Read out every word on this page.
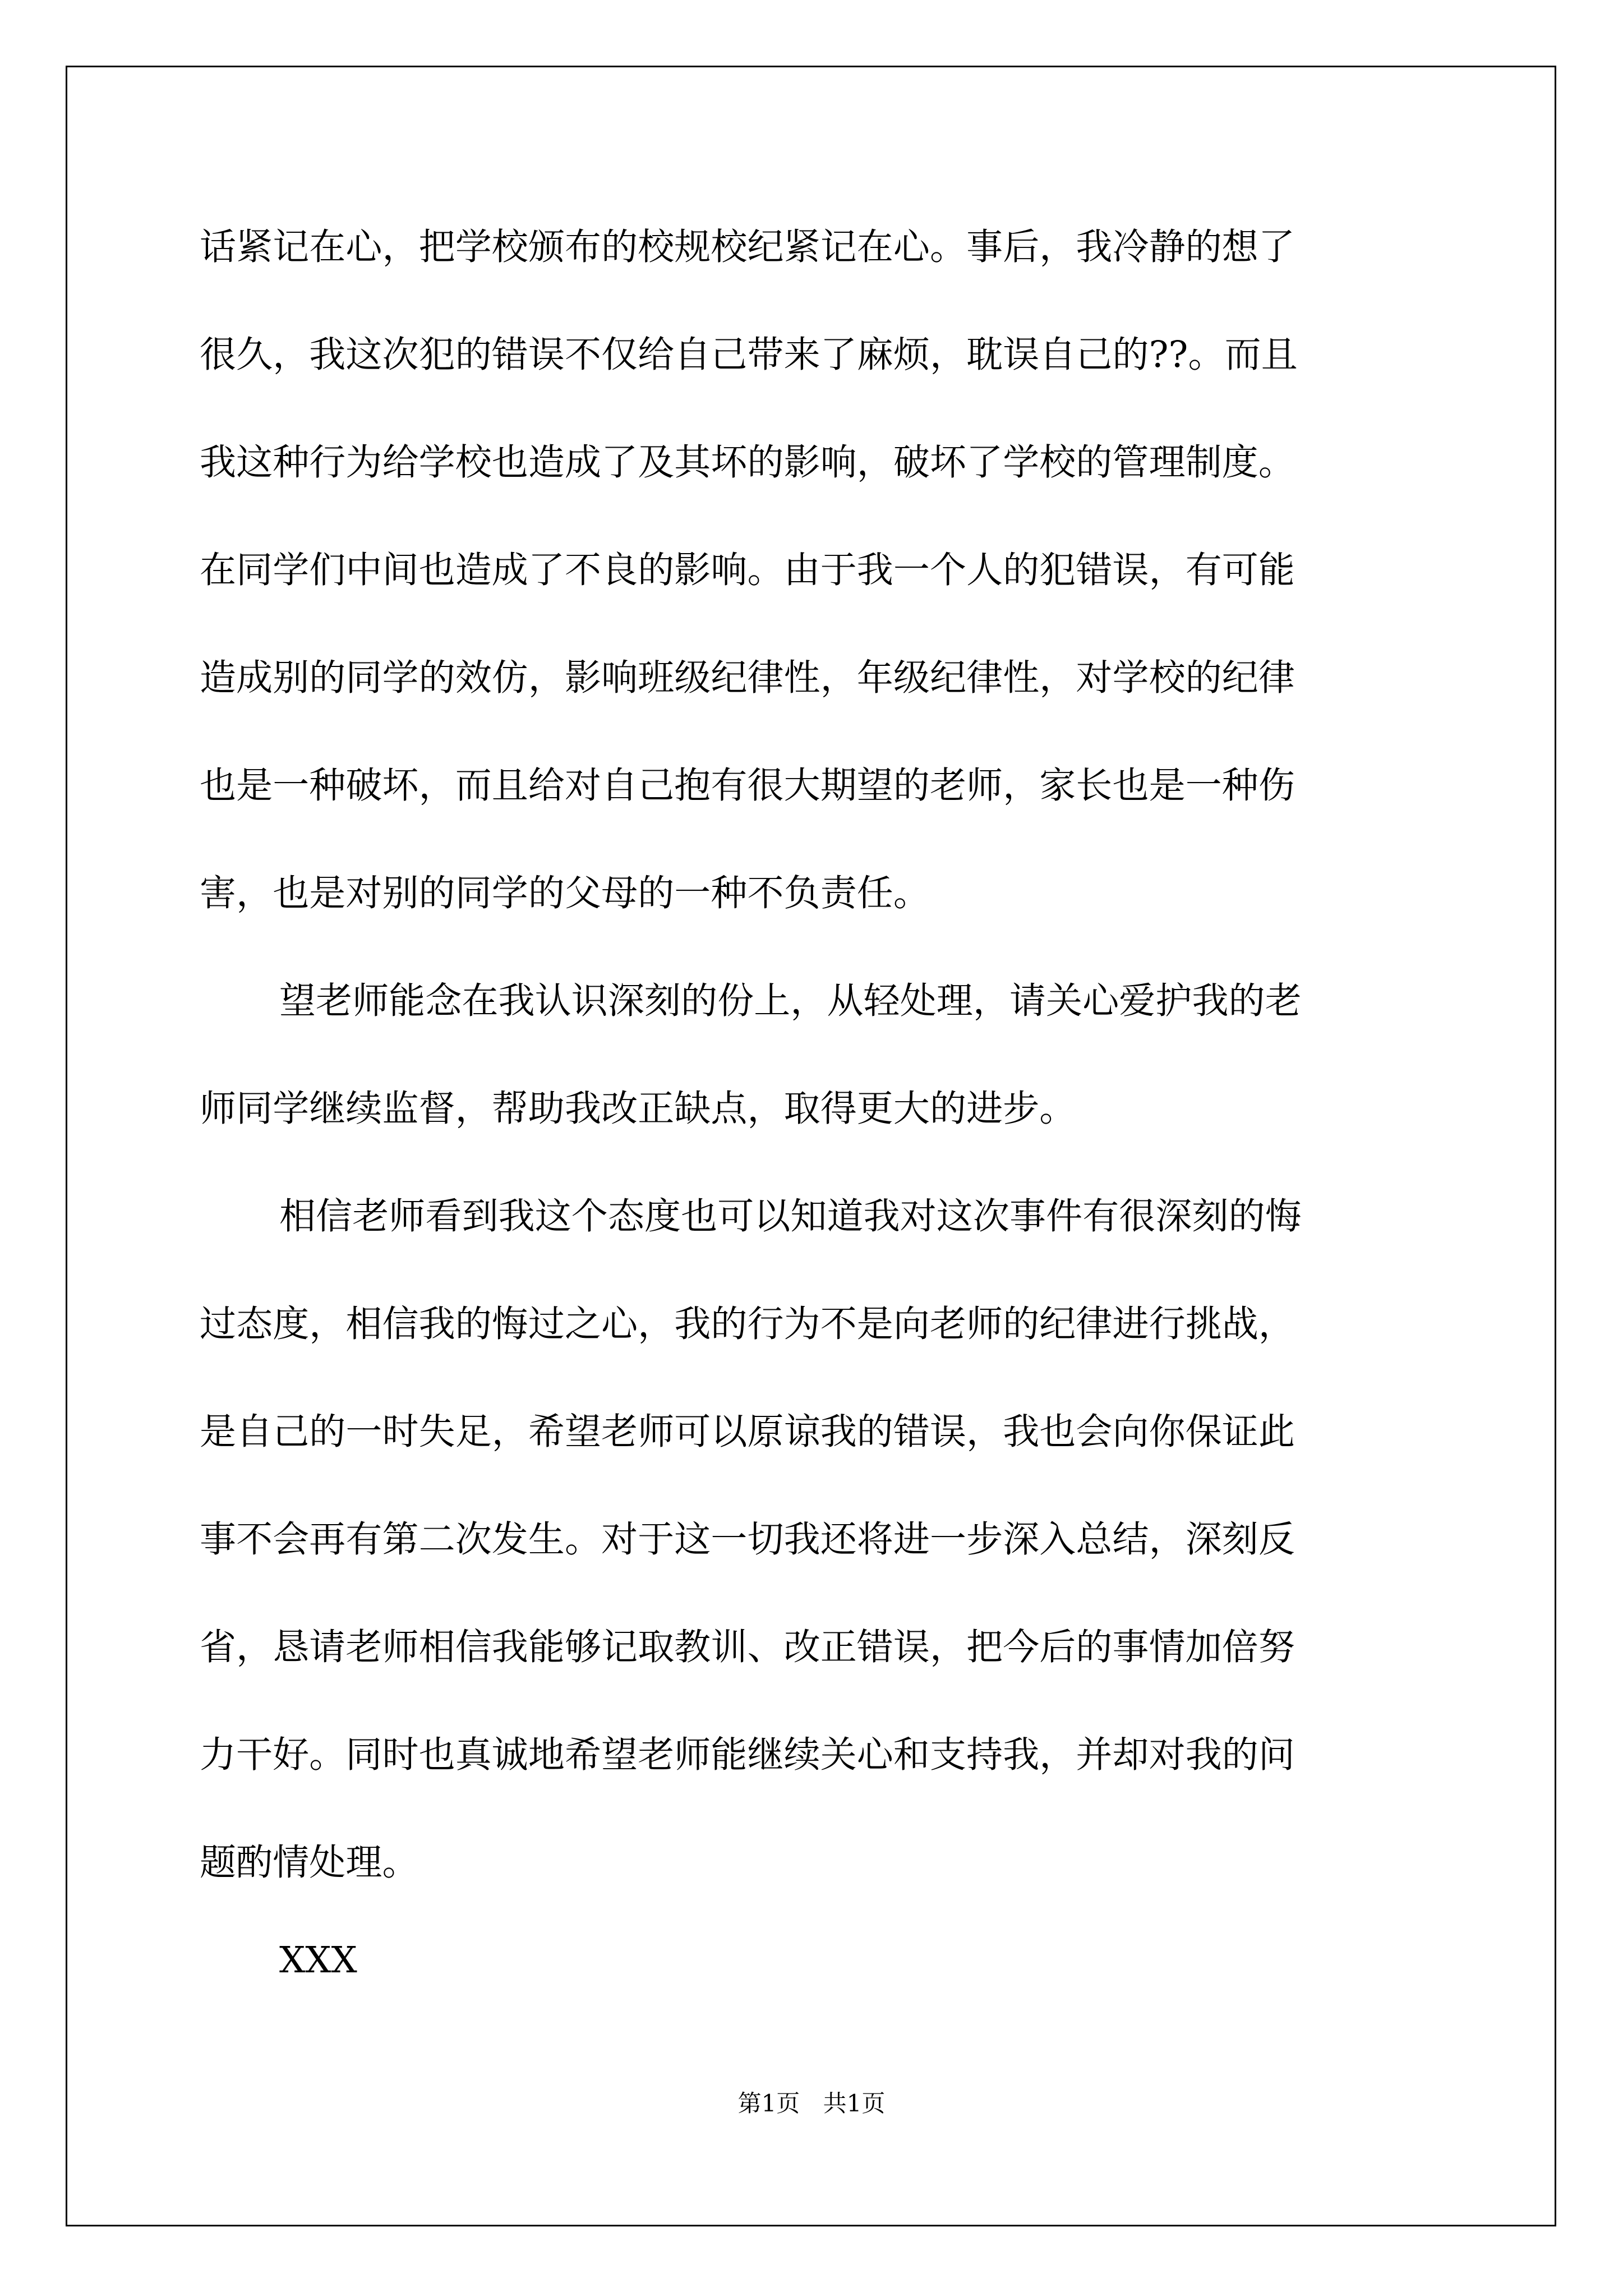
话紧记在心，把学校颁布的校规校纪紧记在心。事后，我冷静的想了
很久，我这次犯的错误不仅给自己带来了麻烦，耽误自己的??。而且
我这种行为给学校也造成了及其坏的影响，破坏了学校的管理制度。
在同学们中间也造成了不良的影响。由于我一个人的犯错误，有可能
造成别的同学的效仿，影响班级纪律性，年级纪律性，对学校的纪律
也是一种破坏，而且给对自己抱有很大期望的老师，家长也是一种伤
害，也是对别的同学的父母的一种不负责任。
望老师能念在我认识深刻的份上，从轻处理，请关心爱护我的老
师同学继续监督，帮助我改正缺点，取得更大的进步。
相信老师看到我这个态度也可以知道我对这次事件有很深刻的悔
过态度，相信我的悔过之心，我的行为不是向老师的纪律进行挑战，
是自己的一时失足，希望老师可以原谅我的错误，我也会向你保证此
事不会再有第二次发生。对于这一切我还将进一步深入总结，深刻反
省，恳请老师相信我能够记取教训、改正错误，把今后的事情加倍努
力干好。同时也真诚地希望老师能继续关心和支持我，并却对我的问
题酌情处理。
XXX
第1页 共1页
